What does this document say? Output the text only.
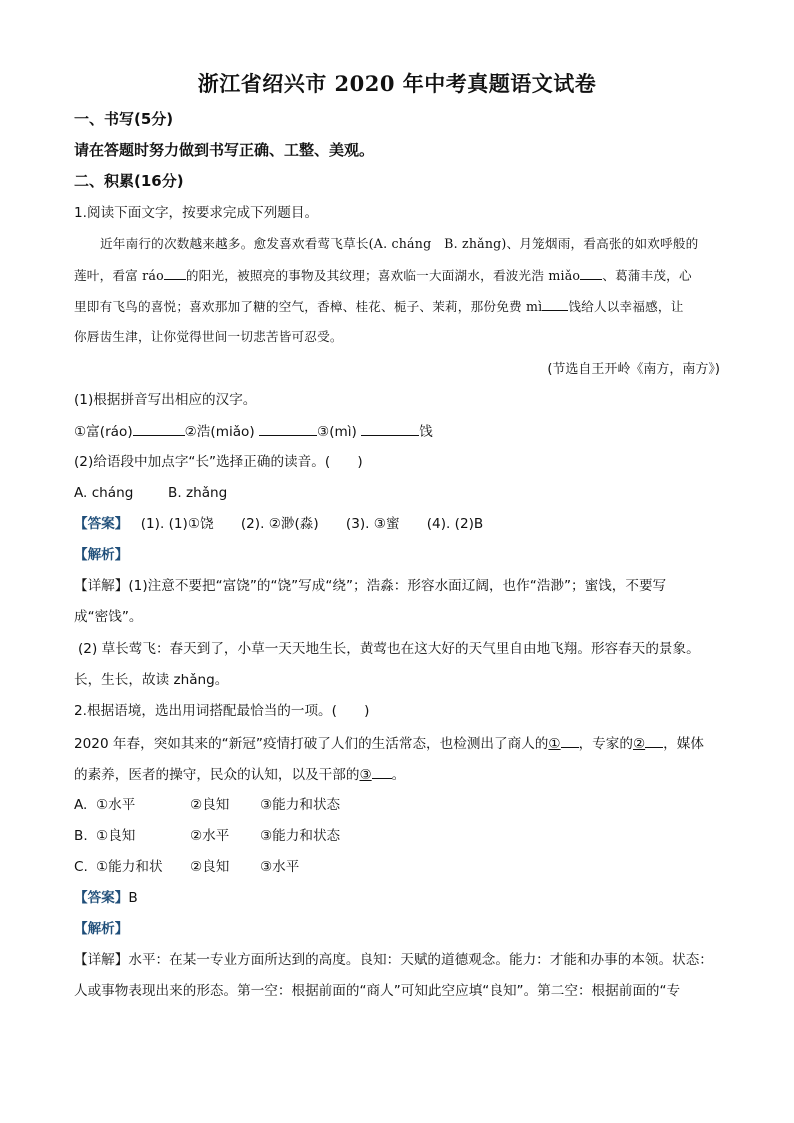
浙江省绍兴市 2020 年中考真题语文试卷
一、书写(5分)
请在答题时努力做到书写正确、工整、美观。
二、积累(16分)
1.阅读下面文字，按要求完成下列题目。
近年南行的次数越来越多。愈发喜欢看莺飞草长(A. cháng　B. zhǎng)、月笼烟雨，看高张的如欢呼般的
莲叶，看富 ráo 的阳光，被照亮的事物及其纹理；喜欢临一大面湖水，看波光浩 miǎo 、葛蒲丰茂，心
里即有飞鸟的喜悦；喜欢那加了糖的空气，香樟、桂花、栀子、茉莉，那份免费 mì 饯给人以幸福感，让
你唇齿生津，让你觉得世间一切悲苦皆可忍受。
(节选自王开岭《南方，南方》)
(1)根据拼音写出相应的汉字。
①富(ráo)	②浩(miǎo)	③(mì)	饯
(2)给语段中加点字“长”选择正确的读音。(　　)
A. cháng	B. zhǎng
【答案】 (1). (1)①饶　　(2). ②渺(淼)　　(3). ③蜜　　(4). (2)B
【解析】
【详解】(1)注意不要把“富饶”的“饶”写成“绕”；浩淼：形容水面辽阔，也作“浩渺”；蜜饯，不要写
成“密饯”。
(2) 草长莺飞：春天到了，小草一天天地生长，黄莺也在这大好的天气里自由地飞翔。形容春天的景象。
长，生长，故读 zhǎng。
2.根据语境，选出用词搭配最恰当的一项。(　　)
2020 年春，突如其来的“新冠”疫情打破了人们的生活常态，也检测出了商人的① ，专家的② ，媒体
的素养，医者的操守，民众的认知，以及干部的③ 。
A. ①水平	②良知 ③能力和状态
B. ①良知	②水平 ③能力和状态
C. ①能力和状 ②良知 ③水平
【答案】B
【解析】
【详解】水平：在某一专业方面所达到的高度。良知：天赋的道德观念。能力：才能和办事的本领。状态：
人或事物表现出来的形态。第一空：根据前面的“商人”可知此空应填“良知”。第二空：根据前面的“专
